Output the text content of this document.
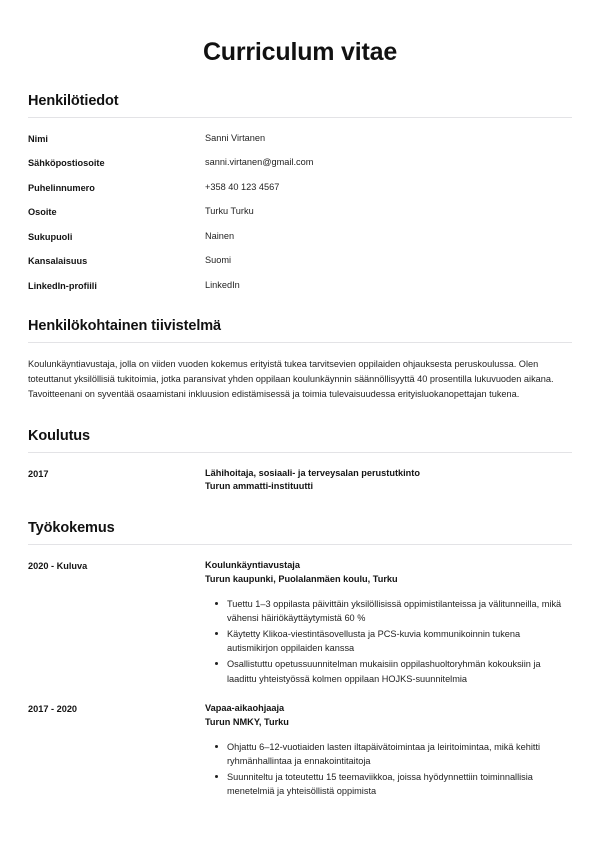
Curriculum vitae
Henkilötiedot
Nimi	Sanni Virtanen
Sähköpostiosoite	sanni.virtanen@gmail.com
Puhelinnumero	+358 40 123 4567
Osoite	Turku Turku
Sukupuoli	Nainen
Kansalaisuus	Suomi
LinkedIn-profiili	LinkedIn
Henkilökohtainen tiivistelmä

Koulunkäyntiavustaja, jolla on viiden vuoden kokemus erityistä tukea tarvitsevien oppilaiden ohjauksesta peruskoulussa. Olen toteuttanut yksilöllisiä tukitoimia, jotka paransivat yhden oppilaan koulunkäynnin säännöllisyyttä 40 prosentilla lukuvuoden aikana. Tavoitteenani on syventää osaamistani inkluusion edistämisessä ja toimia tulevaisuudessa erityisluokanopettajan tukena.

Koulutus
2017	Lähihoitaja, sosiaali- ja terveysalan perustutkinto
Turun ammatti-instituutti
Työkokemus
2020 - Kuluva	Koulunkäyntiavustaja
Turun kaupunki, Puolalanmäen koulu, Turku
Tuettu 1–3 oppilasta päivittäin yksilöllisissä oppimistilanteissa ja välitunneilla, mikä vähensi häiriökäyttäytymistä 60 %
Käytetty Klikoa-viestintäsovellusta ja PCS-kuvia kommunikoinnin tukena autismikirjon oppilaiden kanssa
Osallistuttu opetussuunnitelman mukaisiin oppilashuoltoryhmän kokouksiin ja laadittu yhteistyössä kolmen oppilaan HOJKS-suunnitelmia
2017 - 2020	Vapaa-aikaohjaaja
Turun NMKY, Turku
Ohjattu 6–12-vuotiaiden lasten iltapäivätoimintaa ja leiritoimintaa, mikä kehitti ryhmänhallintaa ja ennakointitaitoja
Suunniteltu ja toteutettu 15 teemaviikkoa, joissa hyödynnettiin toiminnallisia menetelmiä ja yhteisöllistä oppimista
